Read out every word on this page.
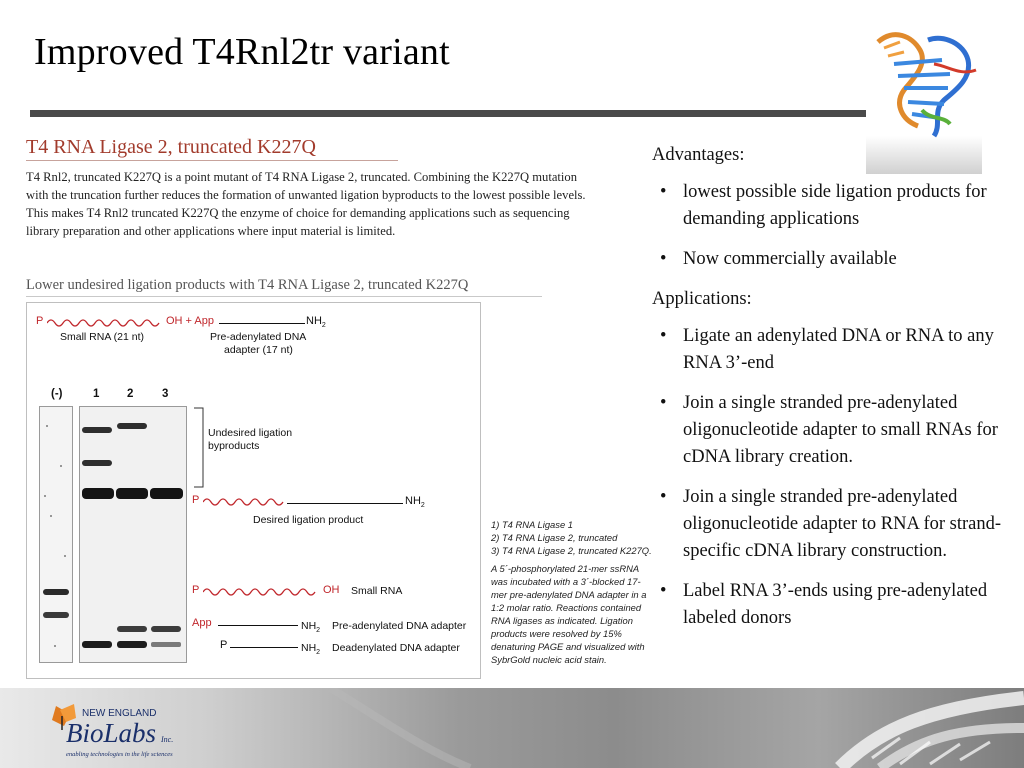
Improved T4Rnl2tr variant
T4 RNA Ligase 2, truncated K227Q
T4 Rnl2, truncated K227Q is a point mutant of T4 RNA Ligase 2, truncated. Combining the K227Q mutation with the truncation further reduces the formation of unwanted ligation byproducts to the lowest possible levels. This makes T4 Rnl2 truncated K227Q the enzyme of choice for demanding applications such as sequencing library preparation and other applications where input material is limited.
Lower undesired ligation products with T4 RNA Ligase 2, truncated K227Q
P	OH + App	$NH_2$
Small RNA (21 nt)	Pre-adenylated DNA
adapter (17 nt)
(-)	1 2 3
Undesired ligation
byproducts
P	$NH_2$
Desired ligation product
P	OH Small RNA
App	$NH_2$ Pre-adenylated DNA adapter
P	$NH_2$ Deadenylated DNA adapter
1) T4 RNA Ligase 1
2) T4 RNA Ligase 2, truncated
3) T4 RNA Ligase 2, truncated K227Q.

A 5´-phosphorylated 21-mer ssRNA was incubated with a 3´-blocked 17-mer pre-adenylated DNA adapter in a 1:2 molar ratio. Reactions contained RNA ligases as indicated. Ligation products were resolved by 15% denaturing PAGE and visualized with SybrGold nucleic acid stain.

Advantages:
• lowest possible side ligation products for demanding applications
• Now commercially available
Applications:
• Ligate an adenylated DNA or RNA to any RNA 3’-end
• Join a single stranded pre-adenylated oligonucleotide adapter to small RNAs for cDNA library creation.
• Join a single stranded pre-adenylated oligonucleotide adapter to RNA for strand-specific cDNA library construction.
• Label RNA 3’-ends using pre-adenylated labeled donors
NEW ENGLAND
BioLabs Inc.
enabling technologies in the life sciences
